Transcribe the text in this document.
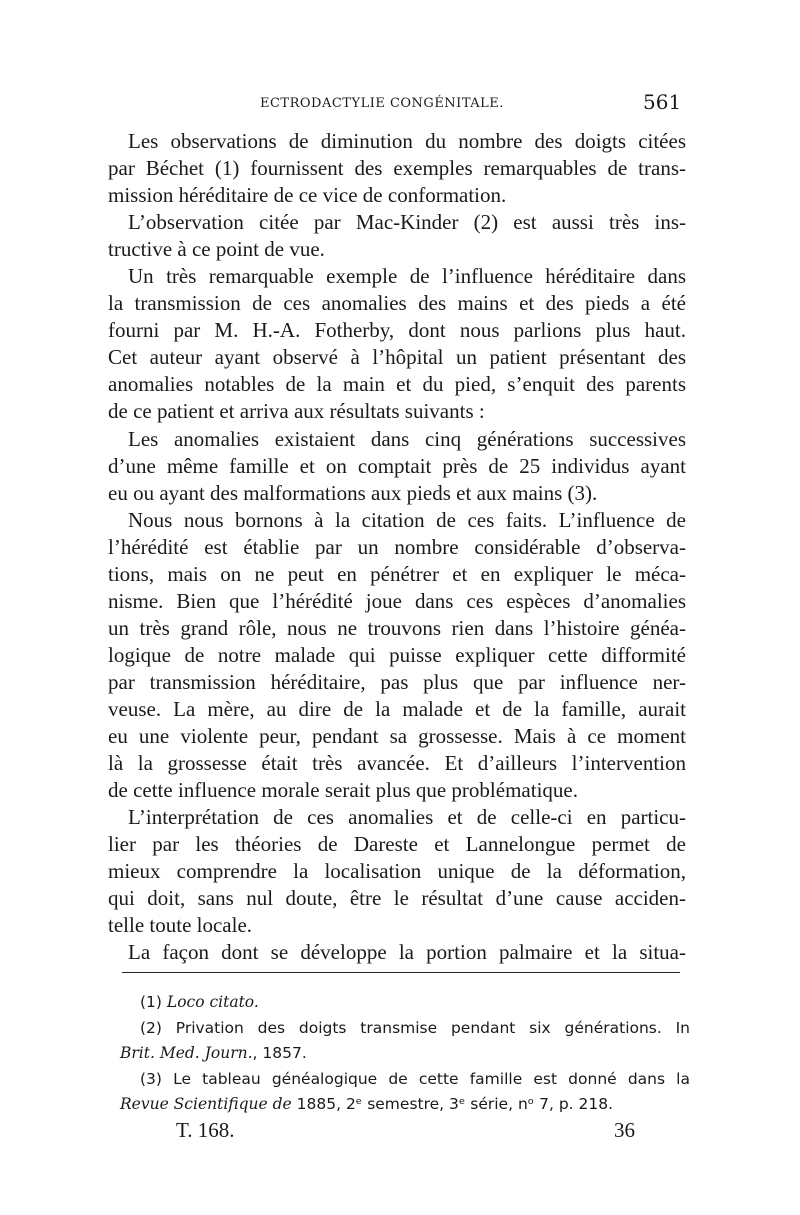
ECTRODACTYLIE CONGÉNITALE.	561
Les observations de diminution du nombre des doigts citées
par Béchet (1) fournissent des exemples remarquables de trans-
mission héréditaire de ce vice de conformation.
L’observation citée par Mac-Kinder (2) est aussi très ins-
tructive à ce point de vue.
Un très remarquable exemple de l’influence héréditaire dans
la transmission de ces anomalies des mains et des pieds a été
fourni par M. H.-A. Fotherby, dont nous parlions plus haut.
Cet auteur ayant observé à l’hôpital un patient présentant des
anomalies notables de la main et du pied, s’enquit des parents
de ce patient et arriva aux résultats suivants :
Les anomalies existaient dans cinq générations successives
d’une même famille et on comptait près de 25 individus ayant
eu ou ayant des malformations aux pieds et aux mains (3).
Nous nous bornons à la citation de ces faits. L’influence de
l’hérédité est établie par un nombre considérable d’observa-
tions, mais on ne peut en pénétrer et en expliquer le méca-
nisme. Bien que l’hérédité joue dans ces espèces d’anomalies
un très grand rôle, nous ne trouvons rien dans l’histoire généa-
logique de notre malade qui puisse expliquer cette difformité
par transmission héréditaire, pas plus que par influence ner-
veuse. La mère, au dire de la malade et de la famille, aurait
eu une violente peur, pendant sa grossesse. Mais à ce moment
là la grossesse était très avancée. Et d’ailleurs l’intervention
de cette influence morale serait plus que problématique.
L’interprétation de ces anomalies et de celle-ci en particu-
lier par les théories de Dareste et Lannelongue permet de
mieux comprendre la localisation unique de la déformation,
qui doit, sans nul doute, être le résultat d’une cause acciden-
telle toute locale.
La façon dont se développe la portion palmaire et la situa-
(1) Loco citato.
(2) Privation des doigts transmise pendant six générations. In
Brit. Med. Journ., 1857.
(3) Le tableau généalogique de cette famille est donné dans la
Revue Scientifique de 1885, 2ᵉ semestre, 3ᵉ série, nᵒ 7, p. 218.
T. 168.	36
